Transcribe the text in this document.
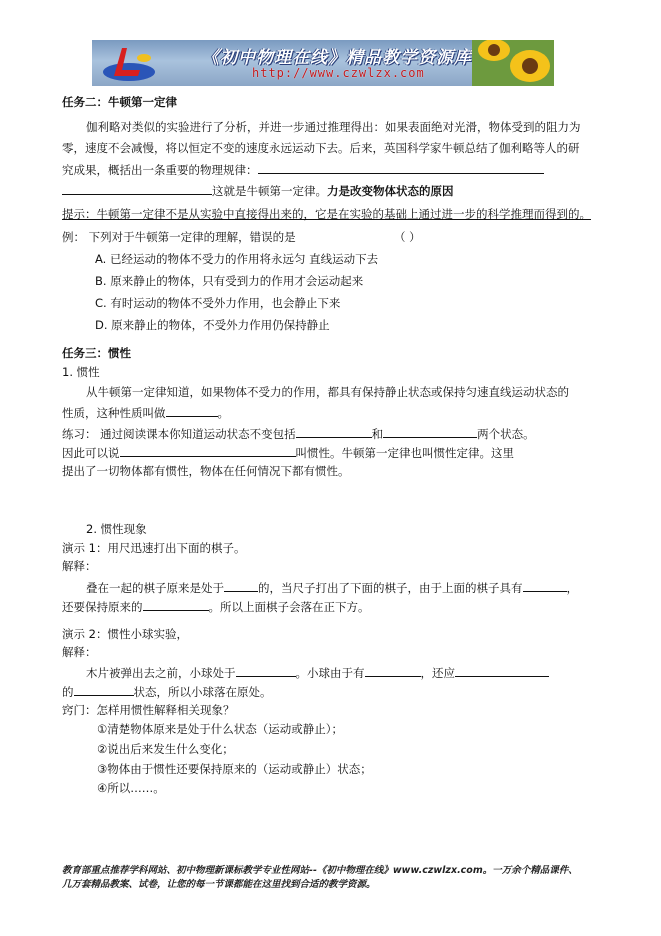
《初中物理在线》精品教学资源库
http://www.czwlzx.com
任务二：牛顿第一定律
伽利略对类似的实验进行了分析，并进一步通过推理得出：如果表面绝对光滑，物体受到的阻力为
零，速度不会减慢，将以恒定不变的速度永远运动下去。后来，英国科学家牛顿总结了伽利略等人的研
究成果，概括出一条重要的物理规律：
这就是牛顿第一定律。力是改变物体状态的原因
提示：牛顿第一定律不是从实验中直接得出来的，它是在实验的基础上通过进一步的科学推理而得到的。
例： 下列对于牛顿第一定律的理解，错误的是	（ ）
A. 已经运动的物体不受力的作用将永远匀 直线运动下去
B. 原来静止的物体，只有受到力的作用才会运动起来
C. 有时运动的物体不受外力作用，也会静止下来
D. 原来静止的物体，不受外力作用仍保持静止
任务三：惯性
1. 惯性
从牛顿第一定律知道，如果物体不受力的作用，都具有保持静止状态或保持匀速直线运动状态的
性质，这种性质叫做	。
练习： 通过阅读课本你知道运动状态不变包括	和	两个状态。
因此可以说	叫惯性。牛顿第一定律也叫惯性定律。这里
提出了一切物体都有惯性，物体在任何情况下都有惯性。
2. 惯性现象
演示 1：用尺迅速打出下面的棋子。
解释：
叠在一起的棋子原来是处于	的，当尺子打出了下面的棋子，由于上面的棋子具有	，
还要保持原来的	。所以上面棋子会落在正下方。
演示 2：惯性小球实验，
解释：
木片被弹出去之前，小球处于	。小球由于有	，还应
的	状态，所以小球落在原处。
窍门：怎样用惯性解释相关现象？
①清楚物体原来是处于什么状态（运动或静止）；
②说出后来发生什么变化；
③物体由于惯性还要保持原来的（运动或静止）状态；
④所以……。
教育部重点推荐学科网站、初中物理新课标教学专业性网站--《初中物理在线》www.czwlzx.com。一万余个精品课件、
几万套精品教案、试卷，让您的每一节课都能在这里找到合适的教学资源。
